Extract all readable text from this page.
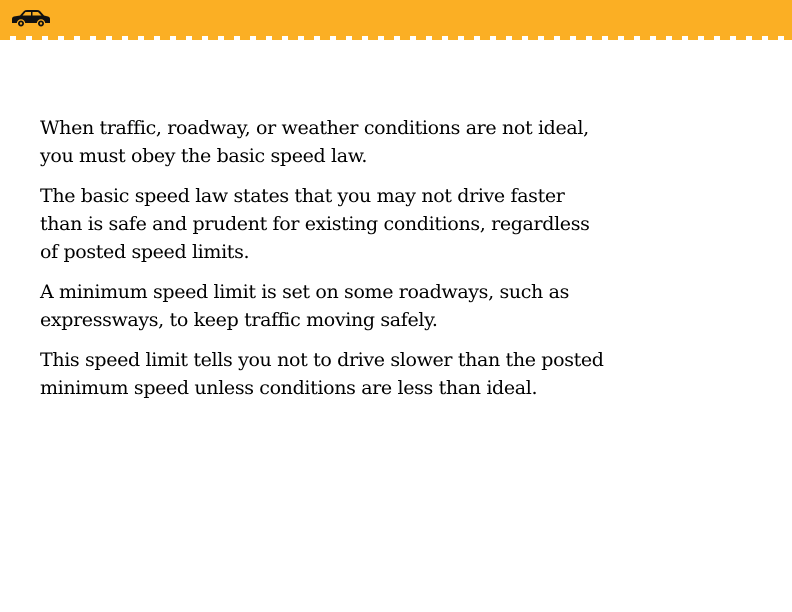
When traffic, roadway, or weather conditions are not ideal,
you must obey the basic speed law.

The basic speed law states that you may not drive faster
than is safe and prudent for existing conditions, regardless
of posted speed limits.

A minimum speed limit is set on some roadways, such as
expressways, to keep traffic moving safely.

This speed limit tells you not to drive slower than the posted
minimum speed unless conditions are less than ideal.
